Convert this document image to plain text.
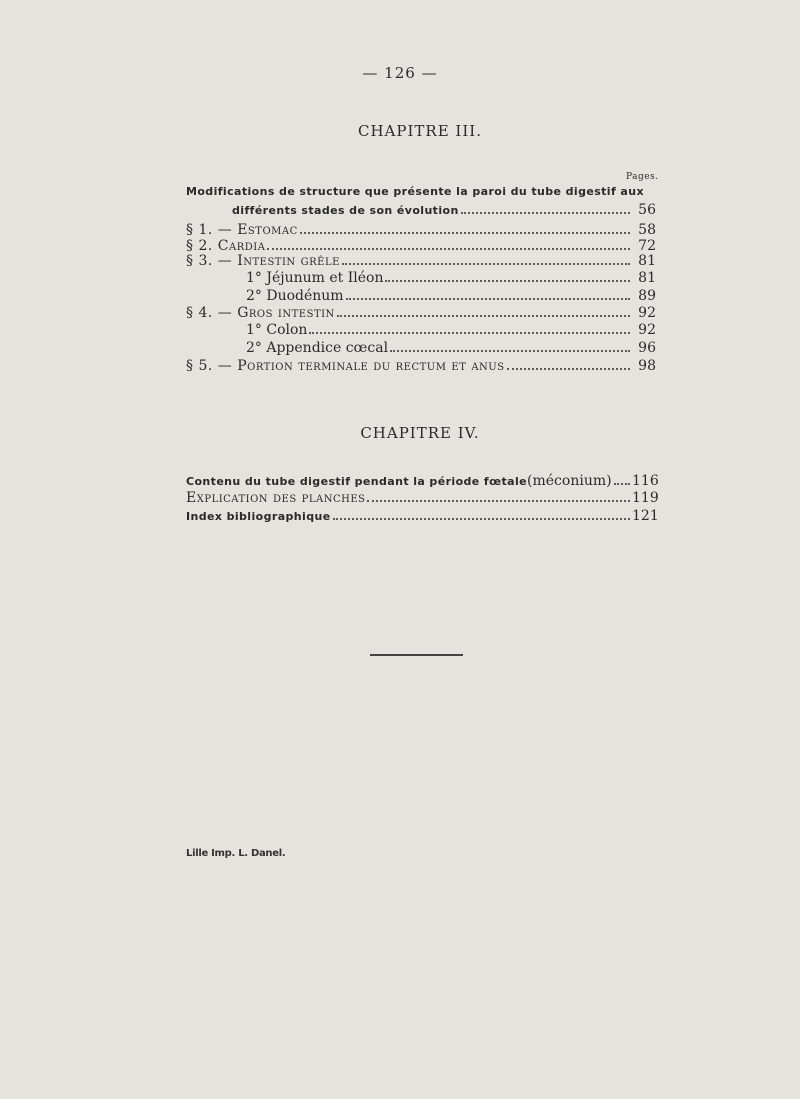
— 126 —
CHAPITRE III.
Pages.
Modifications de structure que présente la paroi du tube digestif aux
différents stades de son évolution	56
§ 1. — Estomac	58
§ 2. Cardia	72
§ 3. — Intestin grêle	81
1° Jéjunum et Iléon	81
2° Duodénum	89
§ 4. — Gros intestin	92
1° Colon	92
2° Appendice cœcal	96
§ 5. — Portion terminale du rectum et anus	98
CHAPITRE IV.
Contenu du tube digestif pendant la période fœtale (méconium) 116
Explication des planches	119
Index bibliographique	121
Lille Imp. L. Danel.
